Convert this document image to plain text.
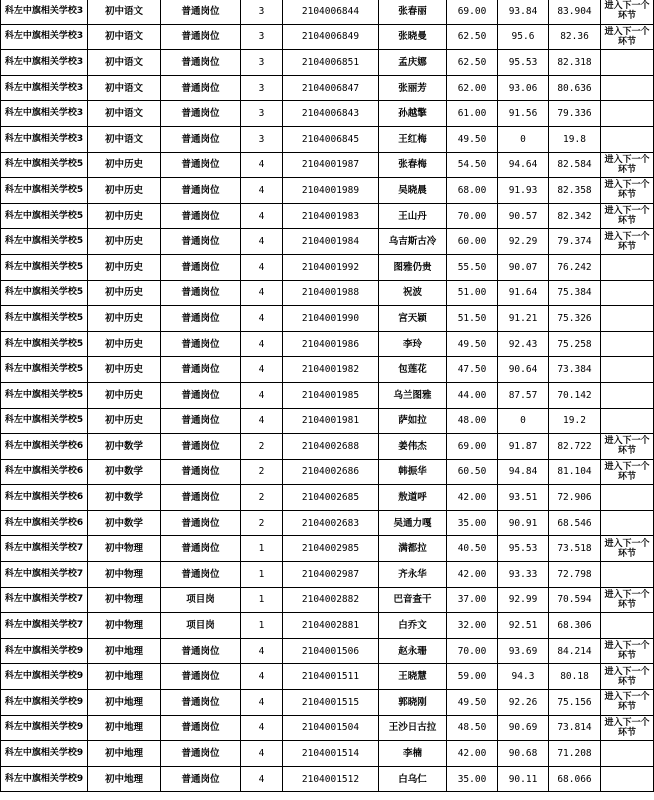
科左中旗相关学校3	初中语文	普通岗位	3	2104006844	张春丽	69.00	93.84	83.904	进入下一个环节
科左中旗相关学校3	初中语文	普通岗位	3	2104006849	张晓曼	62.50	95.6	82.36	进入下一个环节
科左中旗相关学校3	初中语文	普通岗位	3	2104006851	孟庆娜	62.50	95.53	82.318	
科左中旗相关学校3	初中语文	普通岗位	3	2104006847	张丽芳	62.00	93.06	80.636	
科左中旗相关学校3	初中语文	普通岗位	3	2104006843	孙越擎	61.00	91.56	79.336	
科左中旗相关学校3	初中语文	普通岗位	3	2104006845	王红梅	49.50	0	19.8	
科左中旗相关学校5	初中历史	普通岗位	4	2104001987	张春梅	54.50	94.64	82.584	进入下一个环节
科左中旗相关学校5	初中历史	普通岗位	4	2104001989	吴晓晨	68.00	91.93	82.358	进入下一个环节
科左中旗相关学校5	初中历史	普通岗位	4	2104001983	王山丹	70.00	90.57	82.342	进入下一个环节
科左中旗相关学校5	初中历史	普通岗位	4	2104001984	乌吉斯古冷	60.00	92.29	79.374	进入下一个环节
科左中旗相关学校5	初中历史	普通岗位	4	2104001992	图雅仍贵	55.50	90.07	76.242	
科左中旗相关学校5	初中历史	普通岗位	4	2104001988	祝波	51.00	91.64	75.384	
科左中旗相关学校5	初中历史	普通岗位	4	2104001990	宫天颖	51.50	91.21	75.326	
科左中旗相关学校5	初中历史	普通岗位	4	2104001986	李玲	49.50	92.43	75.258	
科左中旗相关学校5	初中历史	普通岗位	4	2104001982	包莲花	47.50	90.64	73.384	
科左中旗相关学校5	初中历史	普通岗位	4	2104001985	乌兰图雅	44.00	87.57	70.142	
科左中旗相关学校5	初中历史	普通岗位	4	2104001981	萨如拉	48.00	0	19.2	
科左中旗相关学校6	初中数学	普通岗位	2	2104002688	姜伟杰	69.00	91.87	82.722	进入下一个环节
科左中旗相关学校6	初中数学	普通岗位	2	2104002686	韩振华	60.50	94.84	81.104	进入下一个环节
科左中旗相关学校6	初中数学	普通岗位	2	2104002685	敖道呼	42.00	93.51	72.906	
科左中旗相关学校6	初中数学	普通岗位	2	2104002683	吴通力嘎	35.00	90.91	68.546	
科左中旗相关学校7	初中物理	普通岗位	1	2104002985	满都拉	40.50	95.53	73.518	进入下一个环节
科左中旗相关学校7	初中物理	普通岗位	1	2104002987	齐永华	42.00	93.33	72.798	
科左中旗相关学校7	初中物理	项目岗	1	2104002882	巴音查干	37.00	92.99	70.594	进入下一个环节
科左中旗相关学校7	初中物理	项目岗	1	2104002881	白乔文	32.00	92.51	68.306	
科左中旗相关学校9	初中地理	普通岗位	4	2104001506	赵永珊	70.00	93.69	84.214	进入下一个环节
科左中旗相关学校9	初中地理	普通岗位	4	2104001511	王晓慧	59.00	94.3	80.18	进入下一个环节
科左中旗相关学校9	初中地理	普通岗位	4	2104001515	郭晓刚	49.50	92.26	75.156	进入下一个环节
科左中旗相关学校9	初中地理	普通岗位	4	2104001504	王沙日古拉	48.50	90.69	73.814	进入下一个环节
科左中旗相关学校9	初中地理	普通岗位	4	2104001514	李楠	42.00	90.68	71.208	
科左中旗相关学校9	初中地理	普通岗位	4	2104001512	白乌仁	35.00	90.11	68.066	
